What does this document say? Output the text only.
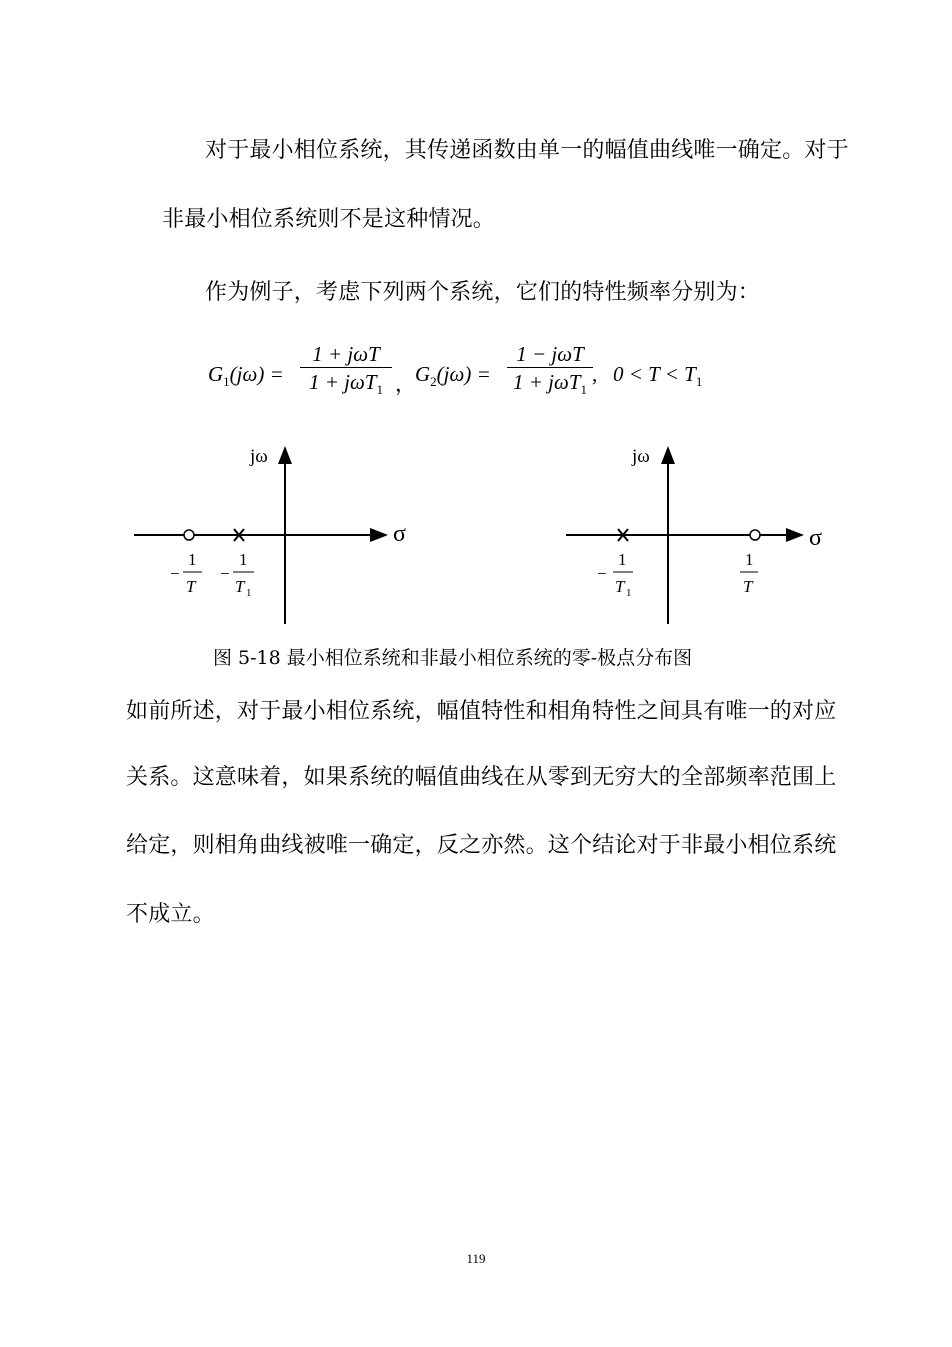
对于最小相位系统，其传递函数由单一的幅值曲线唯一确定。对于
非最小相位系统则不是这种情况。
作为例子，考虑下列两个系统，它们的特性频率分别为：
$G_1(j\omega)$ =
1 + jωT
1 + jωT$_1$ ， $G_2(j\omega)$ =
1 − jωT
1 + jωT$_1$
,   $0 < T < T_1$
jω
σ
−
1
T
−
1
T 1
jω
σ
−
1
T 1
1
T
图 5-18 最小相位系统和非最小相位系统的零-极点分布图
如前所述，对于最小相位系统，幅值特性和相角特性之间具有唯一的对应
关系。这意味着，如果系统的幅值曲线在从零到无穷大的全部频率范围上
给定，则相角曲线被唯一确定，反之亦然。这个结论对于非最小相位系统
不成立。
119
